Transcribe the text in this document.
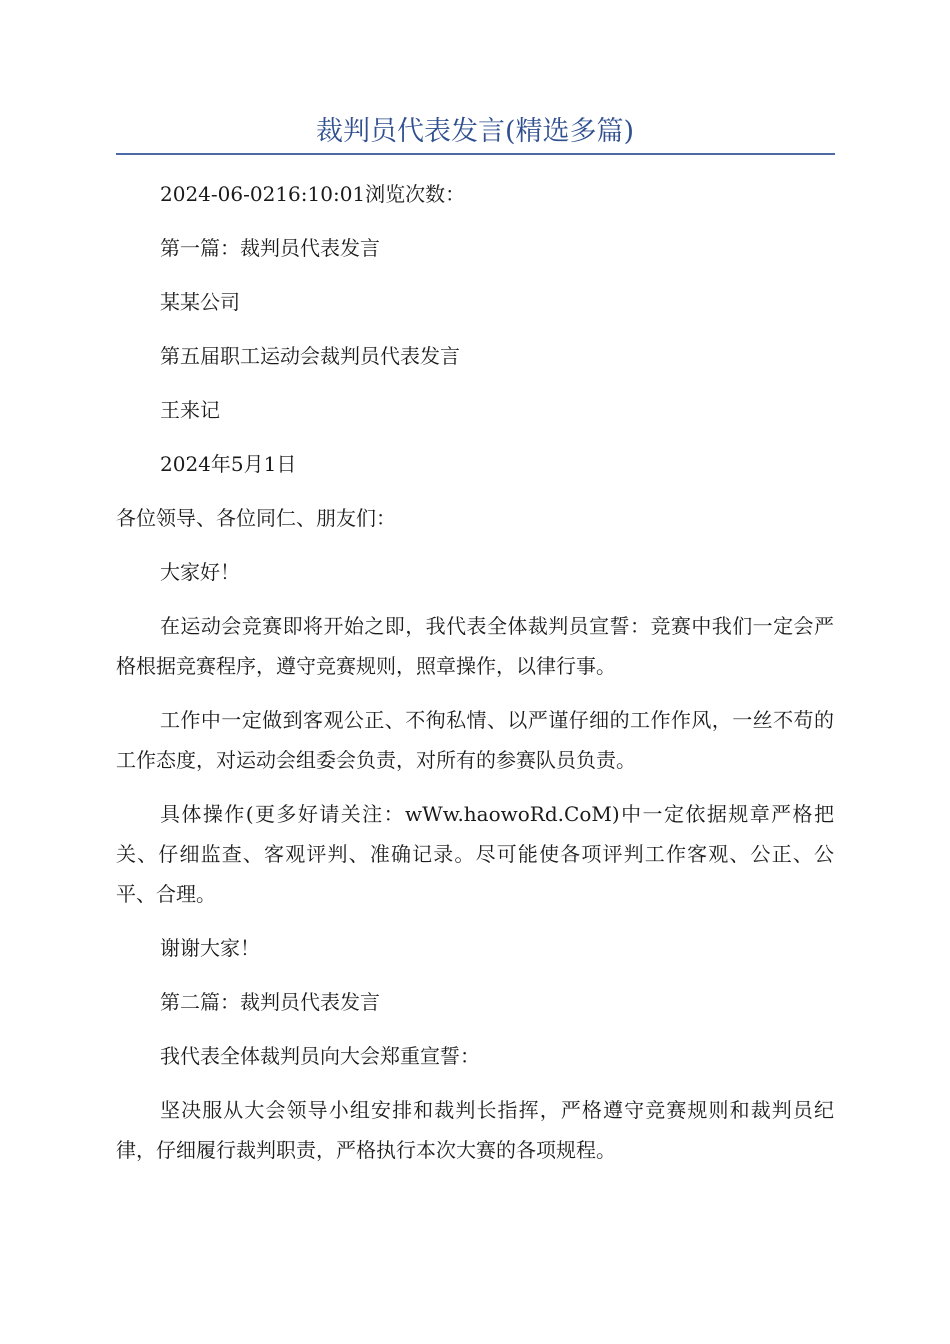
裁判员代表发言(精选多篇)

2024-06-0216:10:01浏览次数：

第一篇：裁判员代表发言

某某公司

第五届职工运动会裁判员代表发言

王来记

2024年5月1日

各位领导、各位同仁、朋友们：

大家好！

在运动会竞赛即将开始之即，我代表全体裁判员宣誓：竞赛中我们一定会严格根据竞赛程序，遵守竞赛规则，照章操作，以律行事。

工作中一定做到客观公正、不徇私情、以严谨仔细的工作作风，一丝不苟的工作态度，对运动会组委会负责，对所有的参赛队员负责。

具体操作(更多好请关注：wWw.haowoRd.CoM)中一定依据规章严格把关、仔细监查、客观评判、准确记录。尽可能使各项评判工作客观、公正、公平、合理。

谢谢大家！

第二篇：裁判员代表发言

我代表全体裁判员向大会郑重宣誓：

坚决服从大会领导小组安排和裁判长指挥，严格遵守竞赛规则和裁判员纪律，仔细履行裁判职责，严格执行本次大赛的各项规程。
